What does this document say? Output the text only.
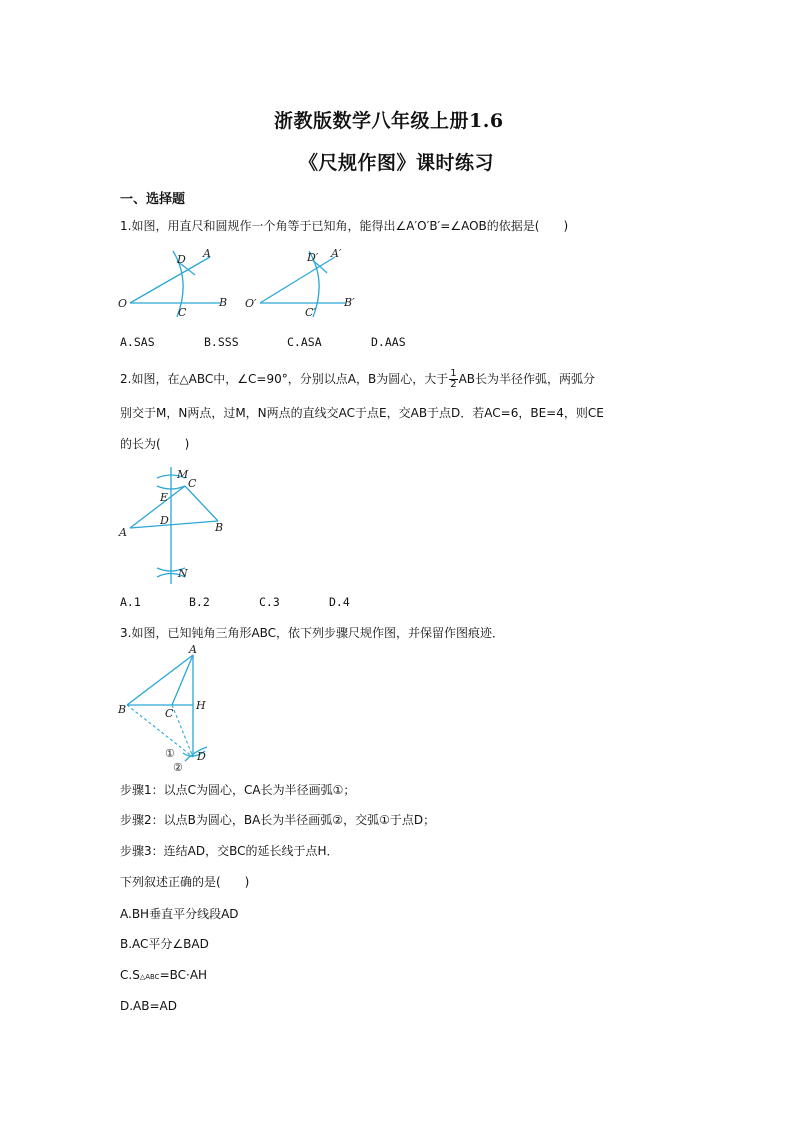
浙教版数学八年级上册1.6
《尺规作图》课时练习
一、选择题
1.如图，用直尺和圆规作一个角等于已知角，能得出∠A′O′B′=∠AOB的依据是(　　)
O	B
A
D
C
O′	B′
A′
D′
C′
A.SAS	B.SSS	C.ASA	D.AAS
2.如图，在△ABC中，∠C=90°，分别以点A，B为圆心，大于 $\frac{1}{2}$ AB长为半径作弧，两弧分
别交于M，N两点，过M，N两点的直线交AC于点E，交AB于点D．若AC=6，BE=4，则CE
的长为(　　)
M
C
E
D
A	B
N
A.1	B.2	C.3	D.4
3.如图，已知钝角三角形ABC，依下列步骤尺规作图，并保留作图痕迹．
A
B	C
H
D
①
②
步骤1：以点C为圆心，CA长为半径画弧①；
步骤2：以点B为圆心，BA长为半径画弧②，交弧①于点D；
步骤3：连结AD，交BC的延长线于点H．
下列叙述正确的是(　　)
A.BH垂直平分线段AD
B.AC平分∠BAD
C.S△ABC=BC·AH
D.AB=AD
